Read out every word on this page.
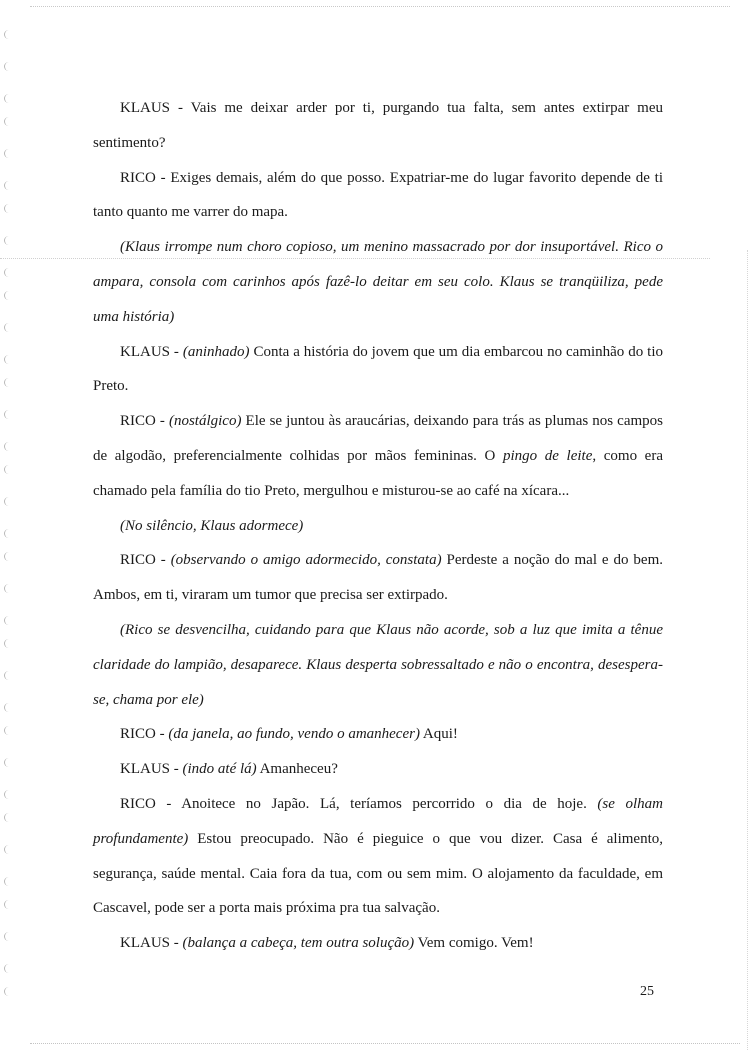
KLAUS - Vais me deixar arder por ti, purgando tua falta, sem antes extirpar meu sentimento?

RICO - Exiges demais, além do que posso. Expatriar-me do lugar favorito depende de ti tanto quanto me varrer do mapa.

(Klaus irrompe num choro copioso, um menino massacrado por dor insuportável. Rico o ampara, consola com carinhos após fazê-lo deitar em seu colo. Klaus se tranqüiliza, pede uma história)

KLAUS - (aninhado) Conta a história do jovem que um dia embarcou no caminhão do tio Preto.

RICO - (nostálgico) Ele se juntou às araucárias, deixando para trás as plumas nos campos de algodão, preferencialmente colhidas por mãos femininas. O pingo de leite, como era chamado pela família do tio Preto, mergulhou e misturou-se ao café na xícara...

(No silêncio, Klaus adormece)

RICO - (observando o amigo adormecido, constata) Perdeste a noção do mal e do bem. Ambos, em ti, viraram um tumor que precisa ser extirpado.

(Rico se desvencilha, cuidando para que Klaus não acorde, sob a luz que imita a tênue claridade do lampião, desaparece. Klaus desperta sobressaltado e não o encontra, desespera-se, chama por ele)

RICO - (da janela, ao fundo, vendo o amanhecer) Aqui!

KLAUS - (indo até lá) Amanheceu?

RICO - Anoitece no Japão. Lá, teríamos percorrido o dia de hoje. (se olham profundamente) Estou preocupado. Não é pieguice o que vou dizer. Casa é alimento, segurança, saúde mental. Caia fora da tua, com ou sem mim. O alojamento da faculdade, em Cascavel, pode ser a porta mais próxima pra tua salvação.

KLAUS - (balança a cabeça, tem outra solução) Vem comigo. Vem!

25
